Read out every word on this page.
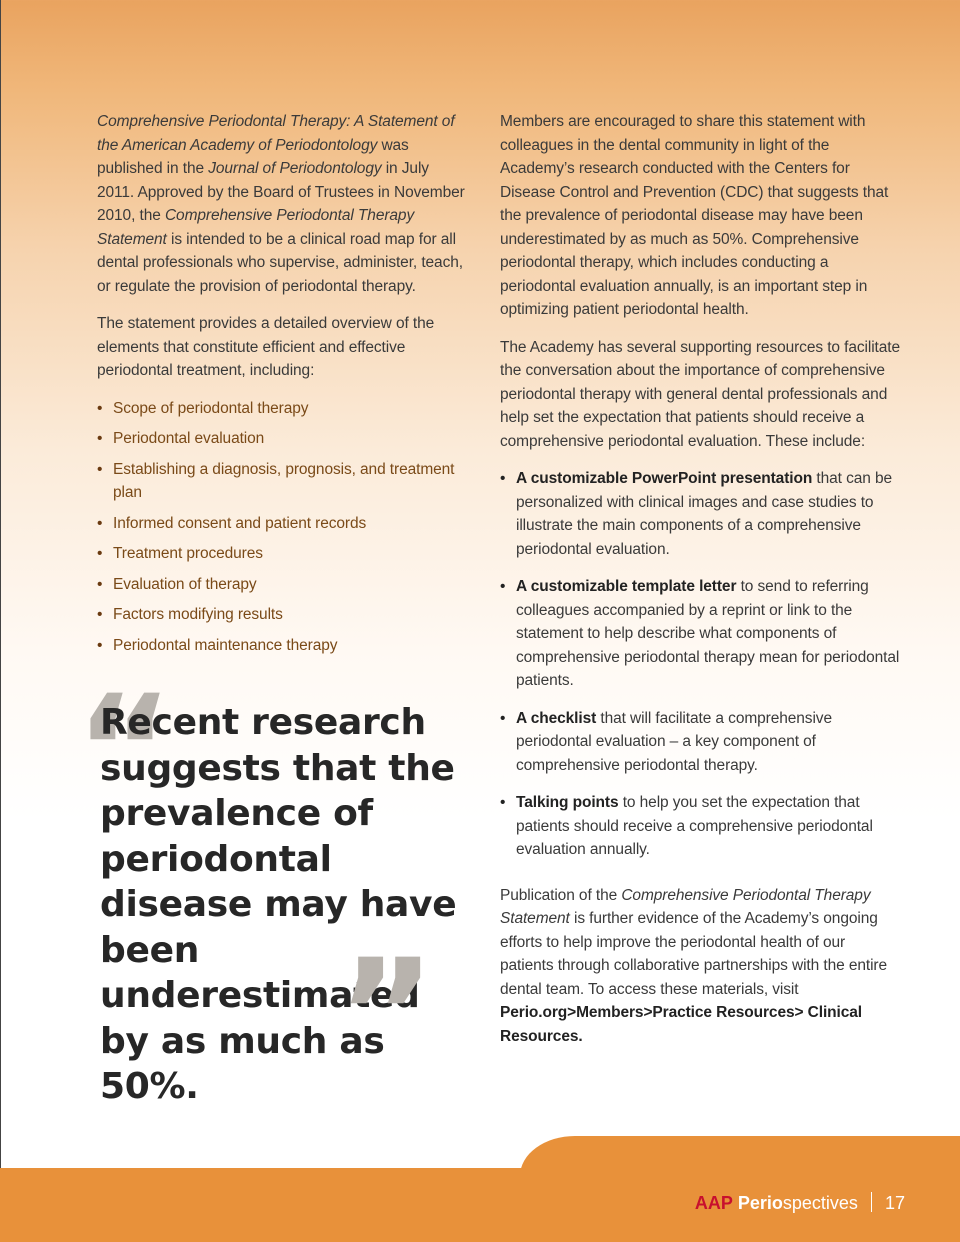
Comprehensive Periodontal Therapy: A Statement of the American Academy of Periodontology was published in the Journal of Periodontology in July 2011. Approved by the Board of Trustees in November 2010, the Comprehensive Periodontal Therapy Statement is intended to be a clinical road map for all dental professionals who supervise, administer, teach, or regulate the provision of periodontal therapy.

The statement provides a detailed overview of the elements that constitute efficient and effective periodontal treatment, including:

• Scope of periodontal therapy
• Periodontal evaluation
• Establishing a diagnosis, prognosis, and treatment plan
• Informed consent and patient records
• Treatment procedures
• Evaluation of therapy
• Factors modifying results
• Periodontal maintenance therapy
“
Recent research suggests that the prevalence of periodontal disease may have been underestimated by as much as 50%. ”

Members are encouraged to share this statement with colleagues in the dental community in light of the Academy’s research conducted with the Centers for Disease Control and Prevention (CDC) that suggests that the prevalence of periodontal disease may have been underestimated by as much as 50%. Comprehensive periodontal therapy, which includes conducting a periodontal evaluation annually, is an important step in optimizing patient periodontal health.

The Academy has several supporting resources to facilitate the conversation about the importance of comprehensive periodontal therapy with general dental professionals and help set the expectation that patients should receive a comprehensive periodontal evaluation. These include:

• A customizable PowerPoint presentation that can be personalized with clinical images and case studies to illustrate the main components of a comprehensive periodontal evaluation.
• A customizable template letter to send to referring colleagues accompanied by a reprint or link to the statement to help describe what components of comprehensive periodontal therapy mean for periodontal patients.
• A checklist that will facilitate a comprehensive periodontal evaluation – a key component of comprehensive periodontal therapy.
• Talking points to help you set the expectation that patients should receive a comprehensive periodontal evaluation annually.

Publication of the Comprehensive Periodontal Therapy Statement is further evidence of the Academy’s ongoing efforts to help improve the periodontal health of our patients through collaborative partnerships with the entire dental team. To access these materials, visit Perio.org>Members>Practice Resources> Clinical Resources.

AAP Periospectives 17
